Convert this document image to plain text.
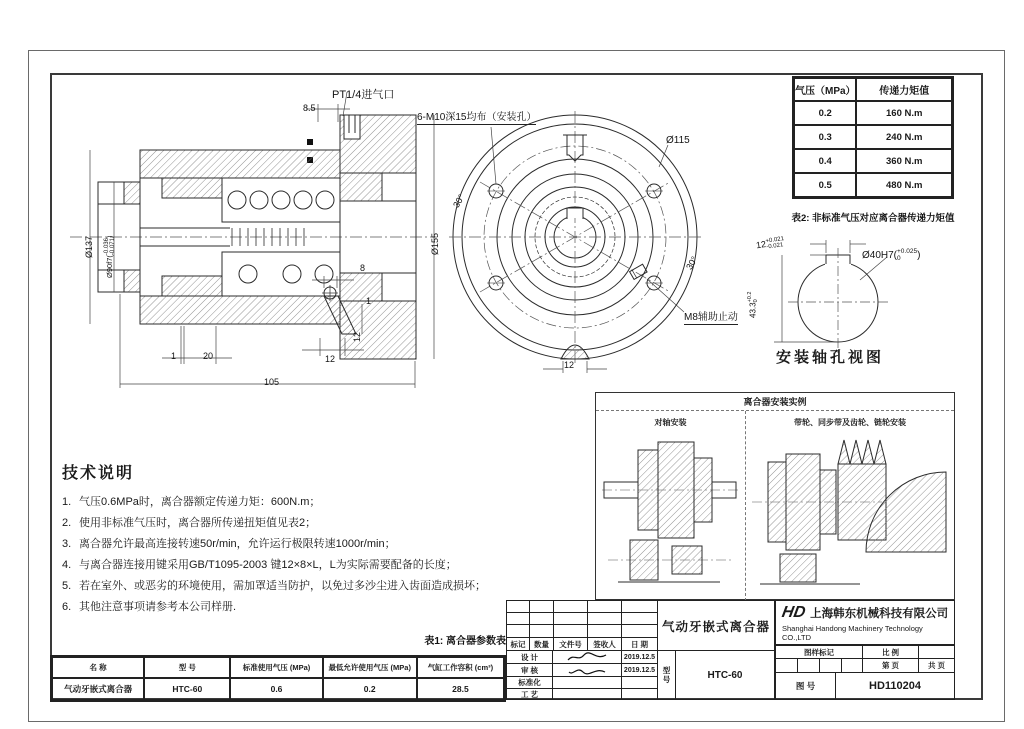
PT1/4进气口
8.5
Ø137
Ø90f7(
-0.036 -0.071
)	Ø155
8
1
12
12
1	20
105
6-M10深15均布（安装孔）
Ø115
30°
30°
M8辅助止动
12
气压（MPa） 传递力矩值
0.2	160 N.m
0.3	240 N.m
0.4	360 N.m
0.5	480 N.m
表2: 非标准气压对应离合器传递力矩值
12
+0.021
-0.021
Ø40H7( +0.025
0	)
43.3
+0.2 0
安装轴孔视图
离合器安装实例
对轴安装	带轮、同步带及齿轮、链轮安装
技术说明
1. 气压0.6MPa时，离合器额定传递力矩：600N.m；
2. 使用非标准气压时，离合器所传递扭矩值见表2；
3. 离合器允许最高连接转速50r/min，允许运行极限转速1000r/min；
4. 与离合器连接用键采用GB/T1095-2003 键12×8×L，L为实际需要配备的长度；
5. 若在室外、或恶劣的环境使用，需加罩适当防护，以免过多沙尘进入齿面造成损坏；
6. 其他注意事项请参考本公司样册.
表1: 离合器参数表
名 称	型 号	标准使用气压 (MPa) 最低允许使用气压 (MPa) 气缸工作容积 (cm³)
气动牙嵌式离合器	HTC-60	0.6	0.2	28.5
标记 数量 文件号 签收人 日 期
设 计	2019.12.5
审 核	2019.12.5
标准化
工 艺
气动牙嵌式离合器
型
号	HTC-60
HD 上海韩东机械科技有限公司
Shanghai Handong Machinery Technology
CO.,LTD
图样标记	比 例
第 页	共 页
图 号	HD110204
